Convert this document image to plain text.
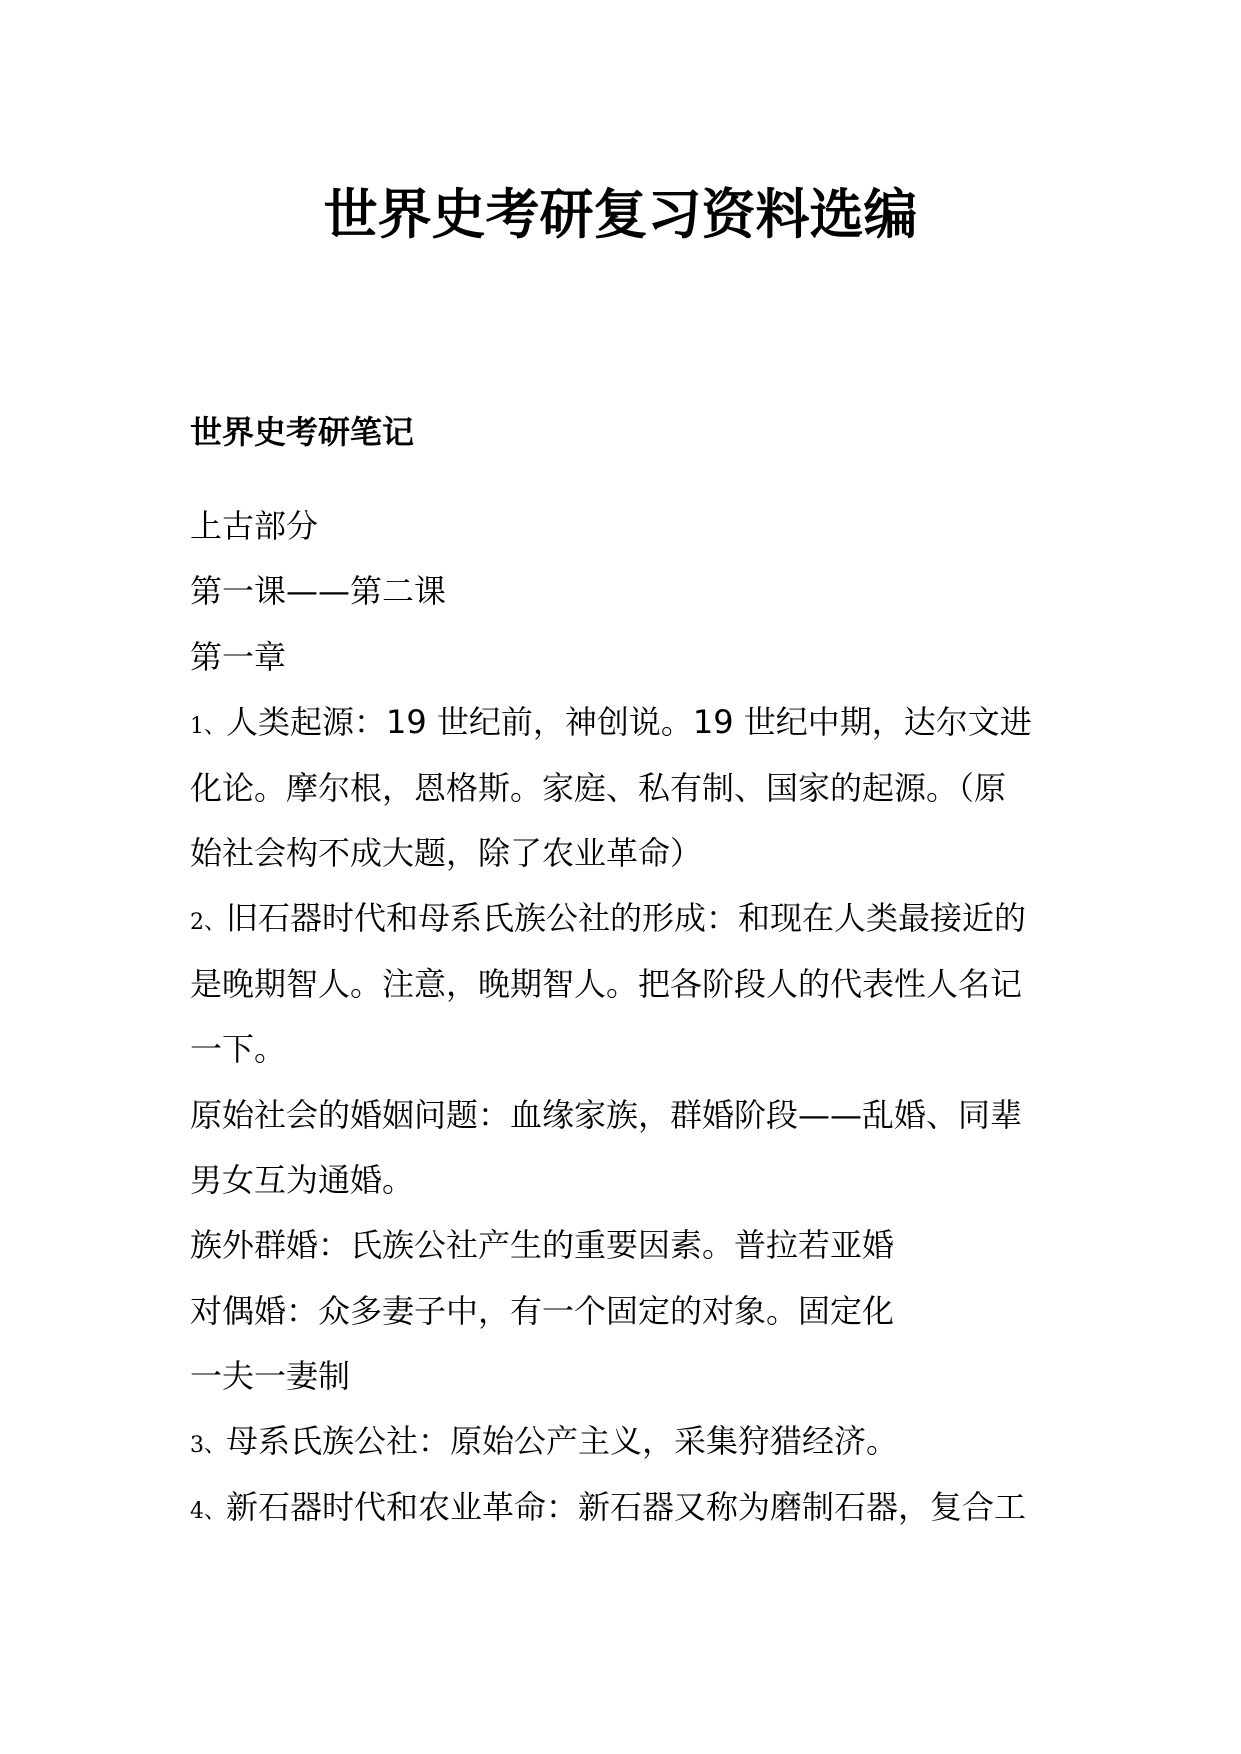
世界史考研复习资料选编
世界史考研笔记
上古部分
第一课——第二课
第一章
1、人类起源：19 世纪前，神创说。19 世纪中期，达尔文进
化论。摩尔根，恩格斯。家庭、私有制、国家的起源。（原
始社会构不成大题，除了农业革命）
2、旧石器时代和母系氏族公社的形成：和现在人类最接近的
是晚期智人。注意，晚期智人。把各阶段人的代表性人名记
一下。
原始社会的婚姻问题：血缘家族，群婚阶段——乱婚、同辈
男女互为通婚。
族外群婚：氏族公社产生的重要因素。普拉若亚婚
对偶婚：众多妻子中，有一个固定的对象。固定化
一夫一妻制
3、母系氏族公社：原始公产主义，采集狩猎经济。
4、新石器时代和农业革命：新石器又称为磨制石器，复合工
